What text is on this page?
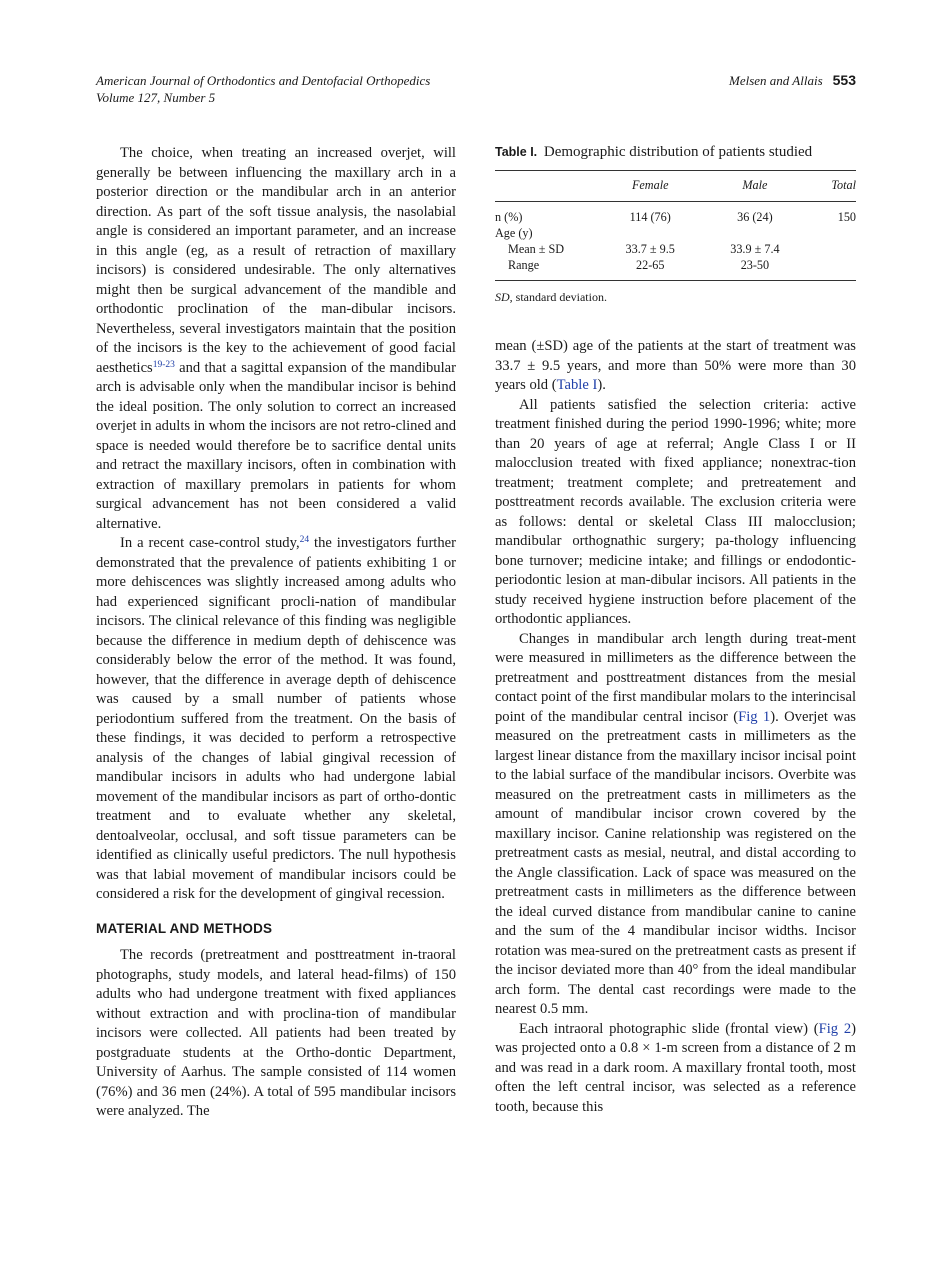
American Journal of Orthodontics and Dentofacial Orthopedics
Volume 127, Number 5
Melsen and Allais 553

The choice, when treating an increased overjet, will generally be between influencing the maxillary arch in a posterior direction or the mandibular arch in an anterior direction. As part of the soft tissue analysis, the nasolabial angle is considered an important parameter, and an increase in this angle (eg, as a result of retraction of maxillary incisors) is considered undesirable. The only alternatives might then be surgical advancement of the mandible and orthodontic proclination of the man-dibular incisors. Nevertheless, several investigators maintain that the position of the incisors is the key to the achievement of good facial aesthetics$^{19-23}$ and that a sagittal expansion of the mandibular arch is advisable only when the mandibular incisor is behind the ideal position. The only solution to correct an increased overjet in adults in whom the incisors are not retro-clined and space is needed would therefore be to sacrifice dental units and retract the maxillary incisors, often in combination with extraction of maxillary premolars in patients for whom surgical advancement has not been considered a valid alternative.

In a recent case-control study,$^{24}$ the investigators further demonstrated that the prevalence of patients exhibiting 1 or more dehiscences was slightly increased among adults who had experienced significant procli-nation of mandibular incisors. The clinical relevance of this finding was negligible because the difference in medium depth of dehiscence was considerably below the error of the method. It was found, however, that the difference in average depth of dehiscence was caused by a small number of patients whose periodontium suffered from the treatment. On the basis of these findings, it was decided to perform a retrospective analysis of the changes of labial gingival recession of mandibular incisors in adults who had undergone labial movement of the mandibular incisors as part of ortho-dontic treatment and to evaluate whether any skeletal, dentoalveolar, occlusal, and soft tissue parameters can be identified as clinically useful predictors. The null hypothesis was that labial movement of mandibular incisors could be considered a risk for the development of gingival recession.

MATERIAL AND METHODS

The records (pretreatment and posttreatment in-traoral photographs, study models, and lateral head-films) of 150 adults who had undergone treatment with fixed appliances without extraction and with proclina-tion of mandibular incisors were collected. All patients had been treated by postgraduate students at the Ortho-dontic Department, University of Aarhus. The sample consisted of 114 women (76%) and 36 men (24%). A total of 595 mandibular incisors were analyzed. The

Table I. Demographic distribution of patients studied
	Female	Male	Total
n (%)	114 (76)	36 (24)	150
Age (y)			
Mean ± SD	33.7 ± 9.5	33.9 ± 7.4	
Range	22-65	23-50	
SD, standard deviation.

mean (±SD) age of the patients at the start of treatment was 33.7 ± 9.5 years, and more than 50% were more than 30 years old (Table I).

All patients satisfied the selection criteria: active treatment finished during the period 1990-1996; white; more than 20 years of age at referral; Angle Class I or II malocclusion treated with fixed appliance; nonextrac-tion treatment; treatment complete; and pretreatement and posttreatment records available. The exclusion criteria were as follows: dental or skeletal Class III malocclusion; mandibular orthognathic surgery; pa-thology influencing bone turnover; medicine intake; and fillings or endodontic-periodontic lesion at man-dibular incisors. All patients in the study received hygiene instruction before placement of the orthodontic appliances.

Changes in mandibular arch length during treat-ment were measured in millimeters as the difference between the pretreatment and posttreatment distances from the mesial contact point of the first mandibular molars to the interincisal point of the mandibular central incisor (Fig 1). Overjet was measured on the pretreatment casts in millimeters as the largest linear distance from the maxillary incisor incisal point to the labial surface of the mandibular incisors. Overbite was measured on the pretreatment casts in millimeters as the amount of mandibular incisor crown covered by the maxillary incisor. Canine relationship was registered on the pretreatment casts as mesial, neutral, and distal according to the Angle classification. Lack of space was measured on the pretreatment casts in millimeters as the difference between the ideal curved distance from mandibular canine to canine and the sum of the 4 mandibular incisor widths. Incisor rotation was mea-sured on the pretreatment casts as present if the incisor deviated more than 40° from the ideal mandibular arch form. The dental cast recordings were made to the nearest 0.5 mm.

Each intraoral photographic slide (frontal view) (Fig 2) was projected onto a 0.8 × 1-m screen from a distance of 2 m and was read in a dark room. A maxillary frontal tooth, most often the left central incisor, was selected as a reference tooth, because this
